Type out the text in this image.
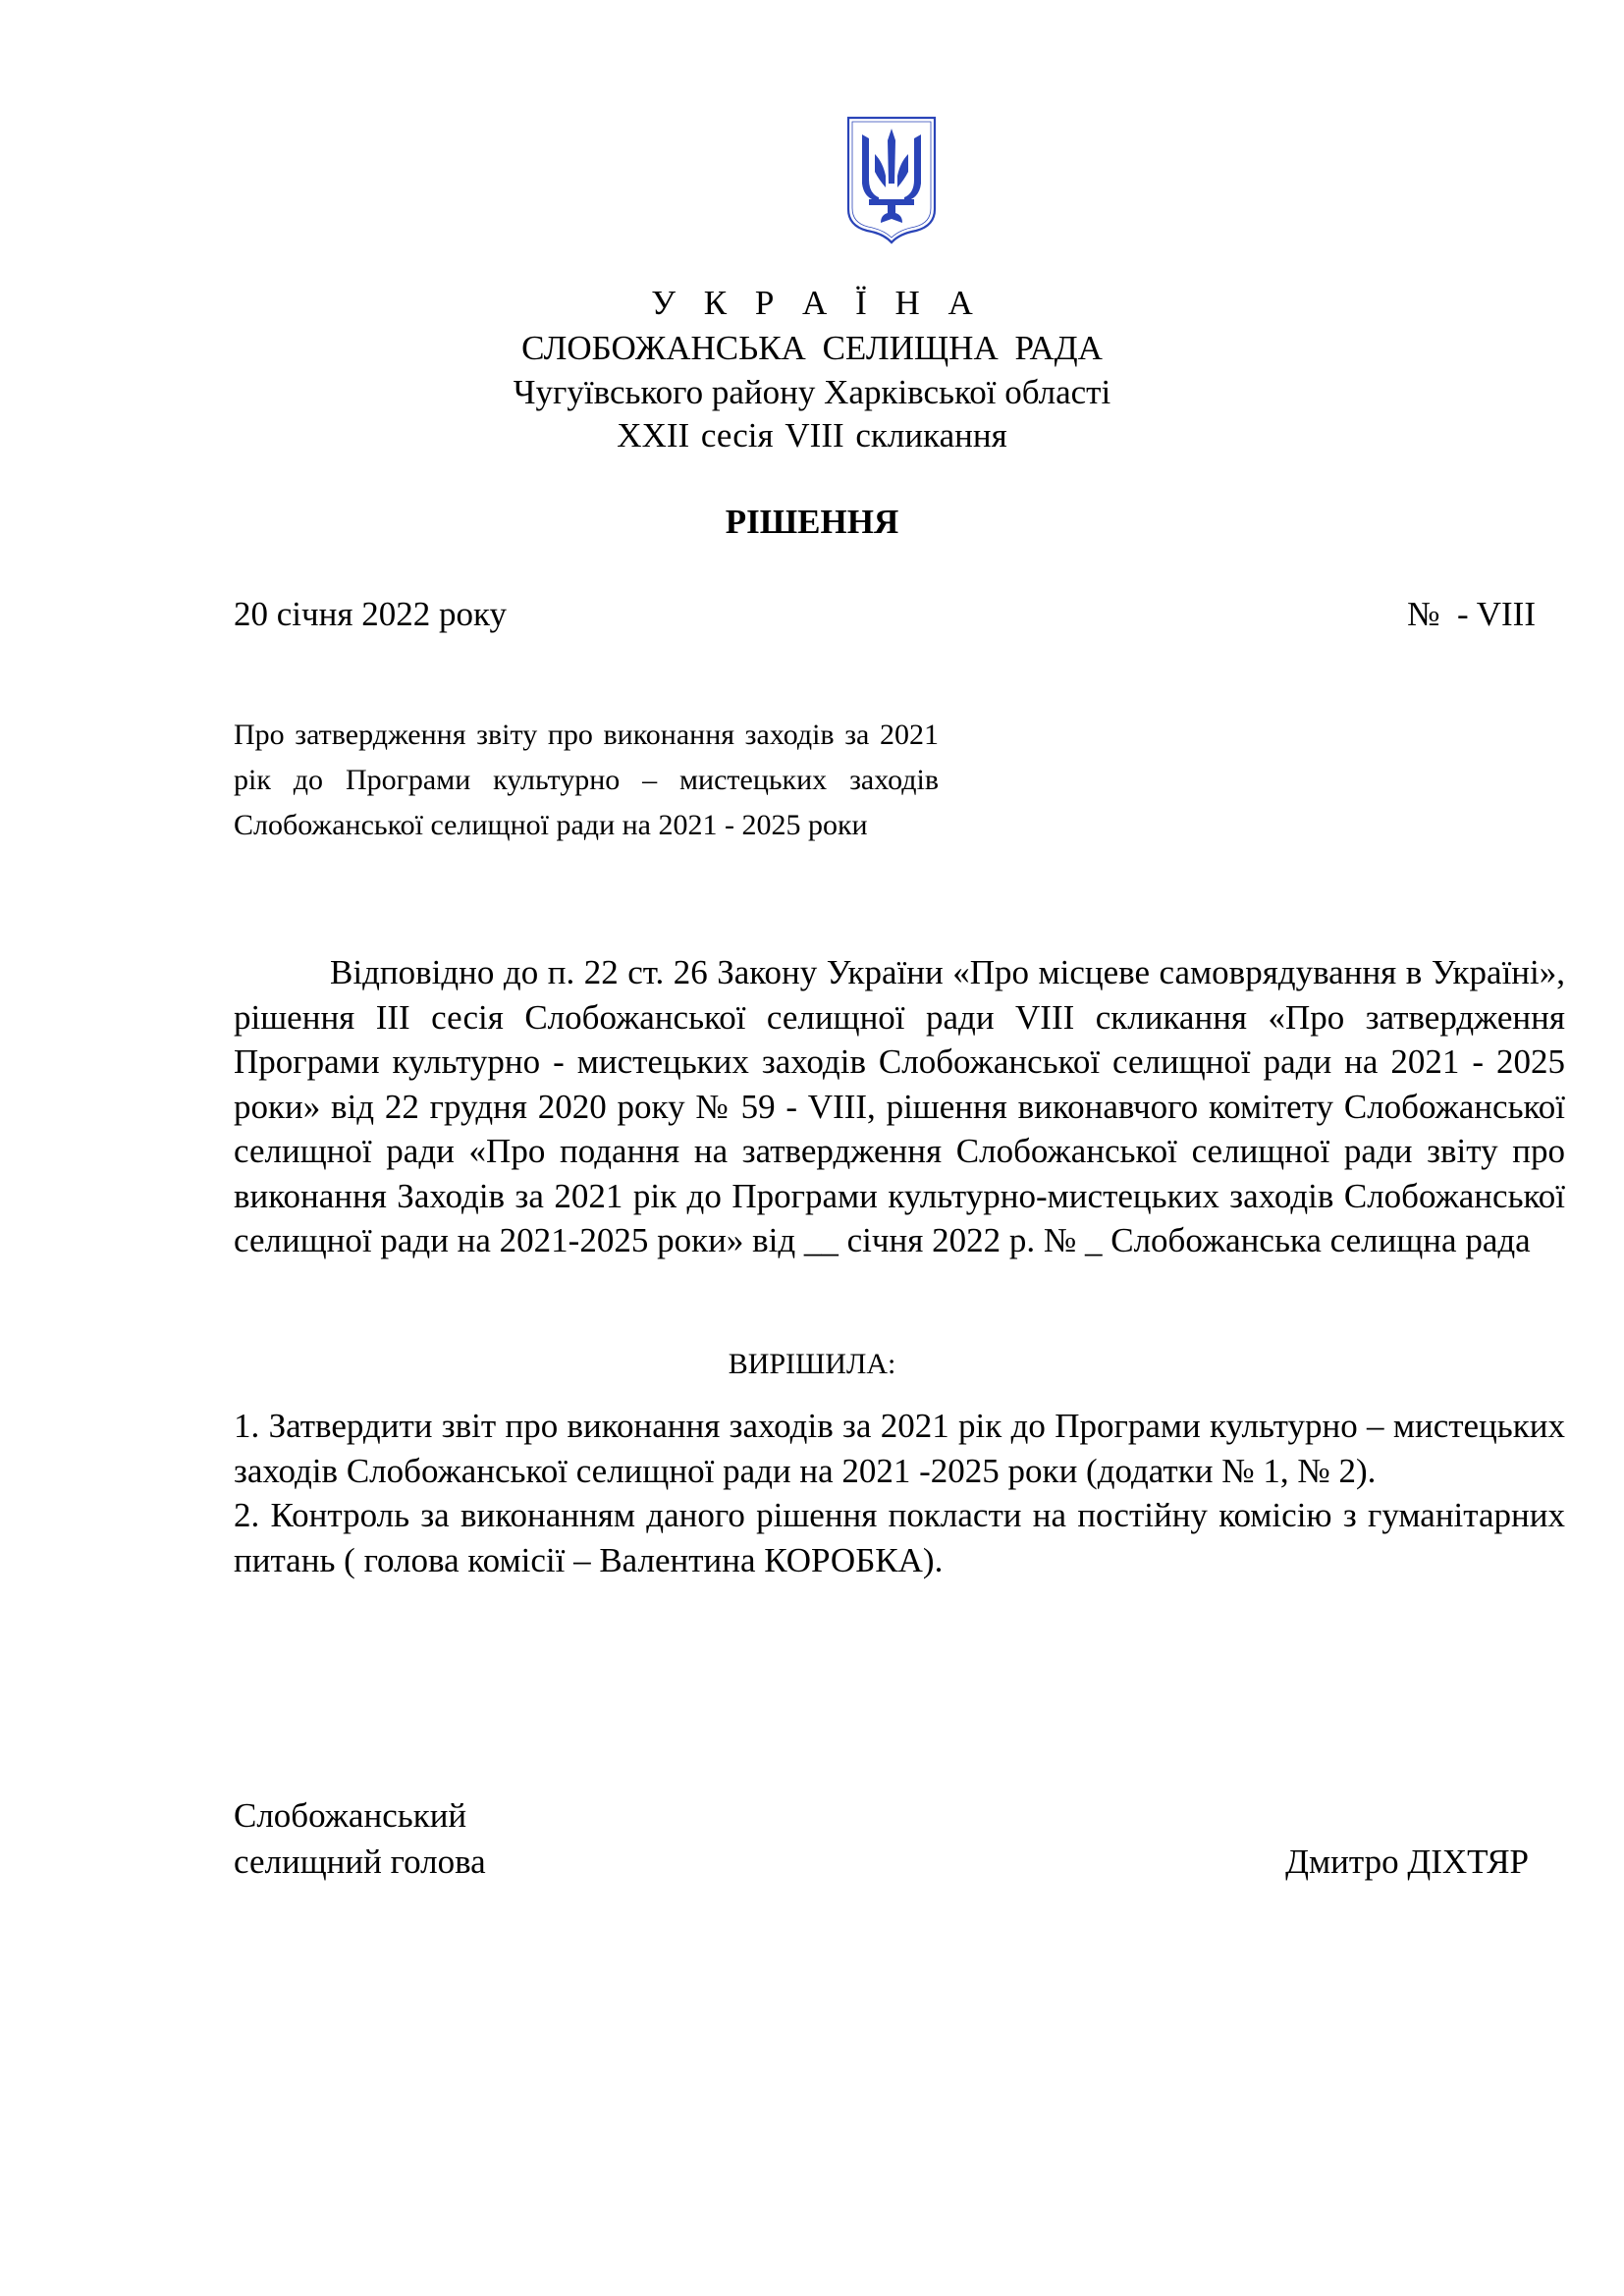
У К Р А Ї Н А
СЛОБОЖАНСЬКА СЕЛИЩНА РАДА
Чугуївського району Харківської області
XXII сесія VIII скликання
РІШЕННЯ
20 січня 2022 року	№  - VIII
Про затвердження звіту про виконання заходів за 2021 рік до Програми культурно – мистецьких заходів Слобожанської селищної ради на 2021 - 2025 роки
Відповідно до п. 22 ст. 26 Закону України «Про місцеве самоврядування в Україні», рішення ІІІ сесія Слобожанської селищної ради VIII скликання «Про затвердження Програми культурно - мистецьких заходів Слобожанської селищної ради на 2021 - 2025 роки» від 22 грудня 2020 року № 59 - VIII, рішення виконавчого комітету Слобожанської селищної ради «Про подання на затвердження Слобожанської селищної ради звіту про виконання Заходів за 2021 рік до Програми культурно-мистецьких заходів Слобожанської селищної ради на 2021-2025 роки» від __ січня 2022 р. № _ Слобожанська селищна рада
ВИРІШИЛА:

1. Затвердити звіт про виконання заходів за 2021 рік до Програми культурно – мистецьких заходів Слобожанської селищної ради на 2021 -2025 роки (додатки № 1, № 2).

2. Контроль за виконанням даного рішення покласти на постійну комісію з гуманітарних питань ( голова комісії – Валентина КОРОБКА).

Слобожанський
селищний голова	Дмитро ДІХТЯР
